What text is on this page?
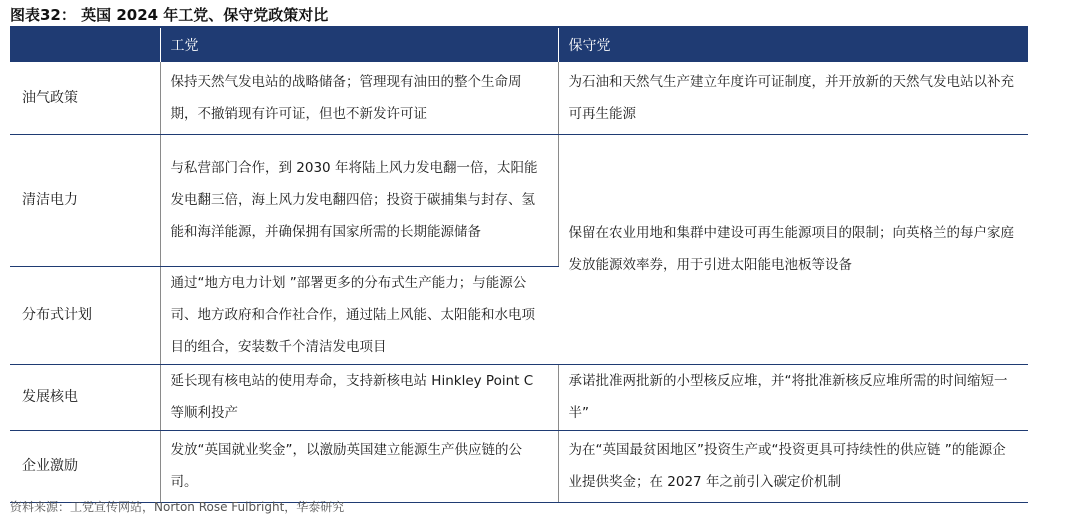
图表32： 英国 2024 年工党、保守党政策对比
	工党	保守党
油气政策	保持天然气发电站的战略储备；管理现有油田的整个生命周期，不撤销现有许可证，但也不新发许可证	为石油和天然气生产建立年度许可证制度，并开放新的天然气发电站以补充可再生能源
清洁电力	与私营部门合作，到 2030 年将陆上风力发电翻一倍，太阳能发电翻三倍，海上风力发电翻四倍；投资于碳捕集与封存、氢能和海洋能源，并确保拥有国家所需的长期能源储备	保留在农业用地和集群中建设可再生能源项目的限制；向英格兰的每户家庭发放能源效率券，用于引进太阳能电池板等设备
分布式计划	通过“地方电力计划 ”部署更多的分布式生产能力；与能源公司、地方政府和合作社合作，通过陆上风能、太阳能和水电项目的组合，安装数千个清洁发电项目	
发展核电	延长现有核电站的使用寿命，支持新核电站 Hinkley Point C 等顺利投产	承诺批准两批新的小型核反应堆，并“将批准新核反应堆所需的时间缩短一半”
企业激励	发放“英国就业奖金”，以激励英国建立能源生产供应链的公司。	为在“英国最贫困地区”投资生产或“投资更具可持续性的供应链 ”的能源企业提供奖金；在 2027 年之前引入碳定价机制
资料来源：工党宣传网站，Norton Rose Fulbright，华泰研究
